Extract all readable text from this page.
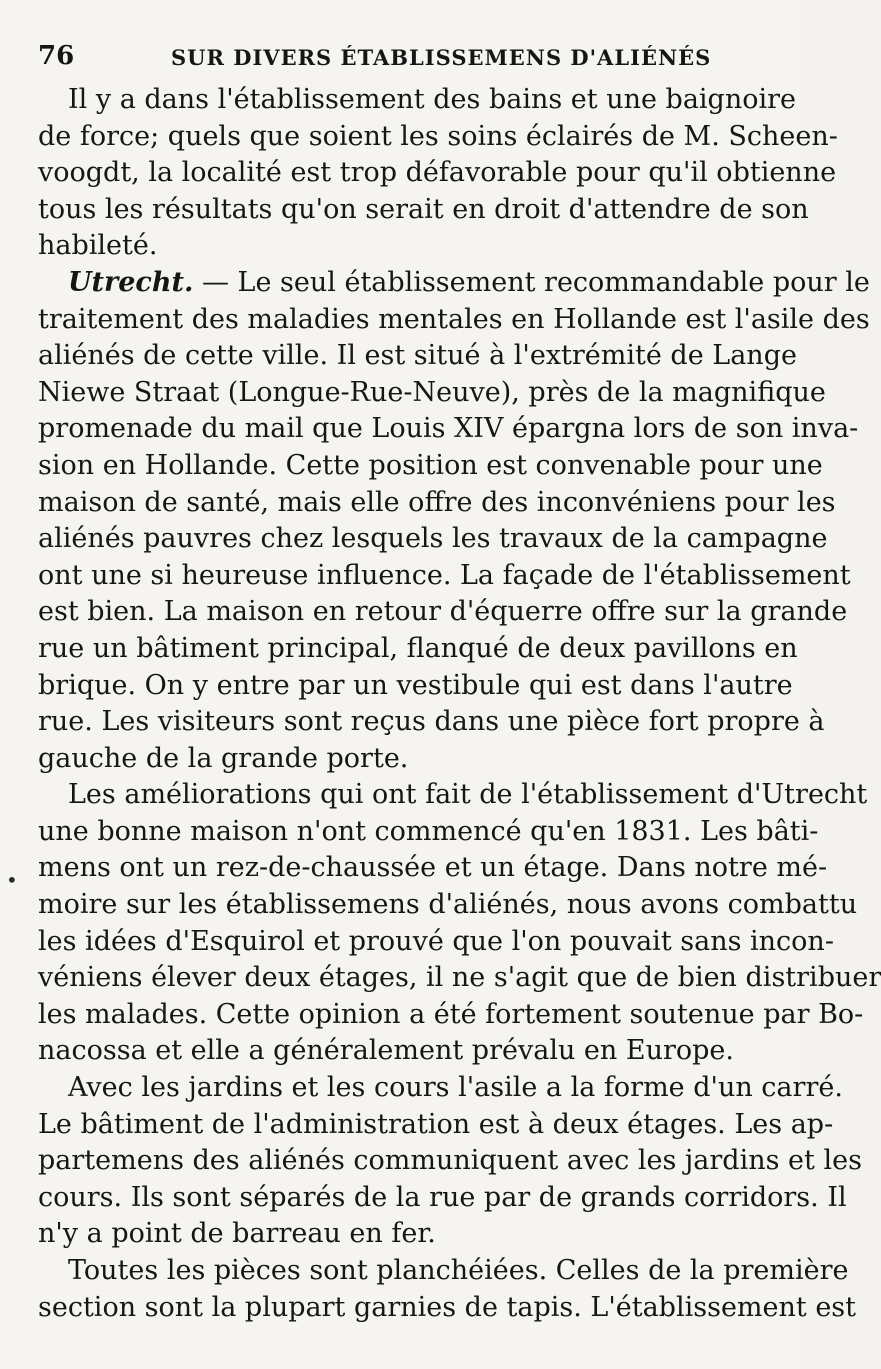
76	SUR DIVERS ÉTABLISSEMENS D'ALIÉNÉS
•
Il y a dans l'établissement des bains et une baignoire
de force; quels que soient les soins éclairés de M. Scheen-
voogdt, la localité est trop défavorable pour qu'il obtienne
tous les résultats qu'on serait en droit d'attendre de son
habileté.
Utrecht. — Le seul établissement recommandable pour le
traitement des maladies mentales en Hollande est l'asile des
aliénés de cette ville. Il est situé à l'extrémité de Lange
Niewe Straat (Longue-Rue-Neuve), près de la magnifique
promenade du mail que Louis XIV épargna lors de son inva-
sion en Hollande. Cette position est convenable pour une
maison de santé, mais elle offre des inconvéniens pour les
aliénés pauvres chez lesquels les travaux de la campagne
ont une si heureuse influence. La façade de l'établissement
est bien. La maison en retour d'équerre offre sur la grande
rue un bâtiment principal, flanqué de deux pavillons en
brique. On y entre par un vestibule qui est dans l'autre
rue. Les visiteurs sont reçus dans une pièce fort propre à
gauche de la grande porte.
Les améliorations qui ont fait de l'établissement d'Utrecht
une bonne maison n'ont commencé qu'en 1831. Les bâti-
mens ont un rez-de-chaussée et un étage. Dans notre mé-
moire sur les établissemens d'aliénés, nous avons combattu
les idées d'Esquirol et prouvé que l'on pouvait sans incon-
véniens élever deux étages, il ne s'agit que de bien distribuer
les malades. Cette opinion a été fortement soutenue par Bo-
nacossa et elle a généralement prévalu en Europe.
Avec les jardins et les cours l'asile a la forme d'un carré.
Le bâtiment de l'administration est à deux étages. Les ap-
partemens des aliénés communiquent avec les jardins et les
cours. Ils sont séparés de la rue par de grands corridors. Il
n'y a point de barreau en fer.
Toutes les pièces sont planchéiées. Celles de la première
section sont la plupart garnies de tapis. L'établissement est
